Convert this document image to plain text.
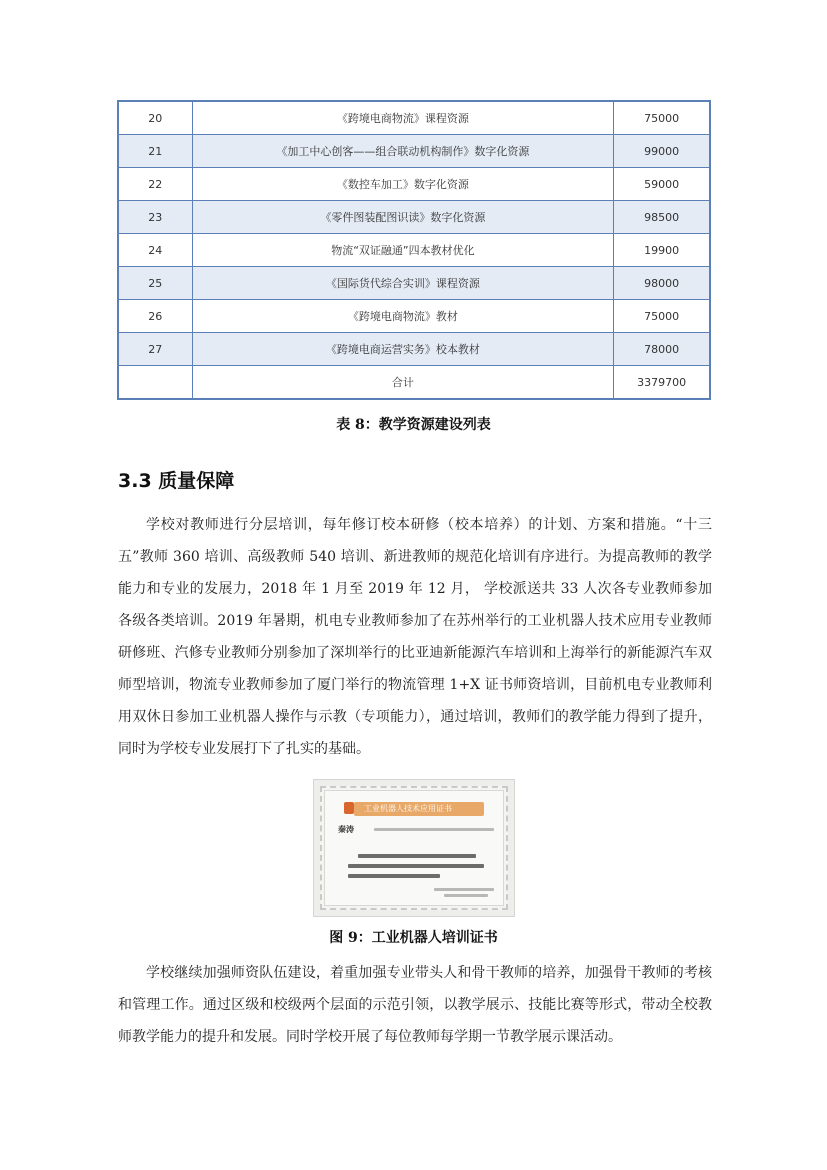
20	《跨境电商物流》课程资源	75000
21	《加工中心创客——组合联动机构制作》数字化资源	99000
22	《数控车加工》数字化资源	59000
23	《零件图装配图识读》数字化资源	98500
24	物流“双证融通”四本教材优化	19900
25	《国际货代综合实训》课程资源	98000
26	《跨境电商物流》教材	75000
27	《跨境电商运营实务》校本教材	78000
	合计	3379700
表 8：教学资源建设列表
3.3 质量保障

学校对教师进行分层培训，每年修订校本研修（校本培养）的计划、方案和措施。“十三五”教师 360 培训、高级教师 540 培训、新进教师的规范化培训有序进行。为提高教师的教学能力和专业的发展力，2018 年 1 月至 2019 年 12 月， 学校派送共 33 人次各专业教师参加各级各类培训。2019 年暑期，机电专业教师参加了在苏州举行的工业机器人技术应用专业教师研修班、汽修专业教师分别参加了深圳举行的比亚迪新能源汽车培训和上海举行的新能源汽车双师型培训，物流专业教师参加了厦门举行的物流管理 1+X 证书师资培训，目前机电专业教师利用双休日参加工业机器人操作与示教（专项能力），通过培训，教师们的教学能力得到了提升，同时为学校专业发展打下了扎实的基础。

工业机器人技术应用证书
秦涛
图 9：工业机器人培训证书

学校继续加强师资队伍建设，着重加强专业带头人和骨干教师的培养，加强骨干教师的考核和管理工作。通过区级和校级两个层面的示范引领，以教学展示、技能比赛等形式，带动全校教师教学能力的提升和发展。同时学校开展了每位教师每学期一节教学展示课活动。
